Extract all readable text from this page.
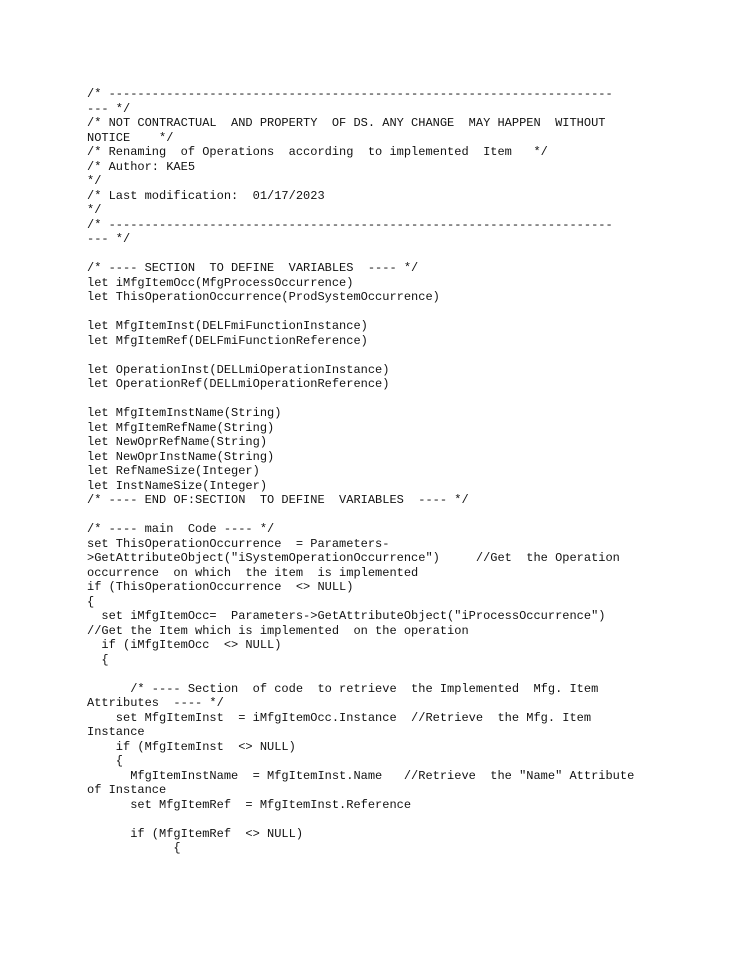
/* ----------------------------------------------------------------------
--- */
/* NOT CONTRACTUAL  AND PROPERTY  OF DS. ANY CHANGE  MAY HAPPEN  WITHOUT
NOTICE    */
/* Renaming  of Operations  according  to implemented  Item   */
/* Author: KAE5
*/
/* Last modification:  01/17/2023
*/
/* ----------------------------------------------------------------------
--- */
/* ---- SECTION  TO DEFINE  VARIABLES  ---- */
let iMfgItemOcc(MfgProcessOccurrence)
let ThisOperationOccurrence(ProdSystemOccurrence)
let MfgItemInst(DELFmiFunctionInstance)
let MfgItemRef(DELFmiFunctionReference)
let OperationInst(DELLmiOperationInstance)
let OperationRef(DELLmiOperationReference)
let MfgItemInstName(String)
let MfgItemRefName(String)
let NewOprRefName(String)
let NewOprInstName(String)
let RefNameSize(Integer)
let InstNameSize(Integer)
/* ---- END OF:SECTION  TO DEFINE  VARIABLES  ---- */
/* ---- main  Code ---- */
set ThisOperationOccurrence  = Parameters-
>GetAttributeObject("iSystemOperationOccurrence")     //Get  the Operation
occurrence  on which  the item  is implemented
if (ThisOperationOccurrence  <> NULL)
{
set iMfgItemOcc=  Parameters->GetAttributeObject("iProcessOccurrence")
//Get the Item which is implemented  on the operation
if (iMfgItemOcc  <> NULL)
{
/* ---- Section  of code  to retrieve  the Implemented  Mfg. Item
Attributes  ---- */
set MfgItemInst  = iMfgItemOcc.Instance  //Retrieve  the Mfg. Item
Instance
if (MfgItemInst  <> NULL)
{
MfgItemInstName  = MfgItemInst.Name   //Retrieve  the "Name" Attribute
of Instance
set MfgItemRef  = MfgItemInst.Reference
if (MfgItemRef  <> NULL)
{
